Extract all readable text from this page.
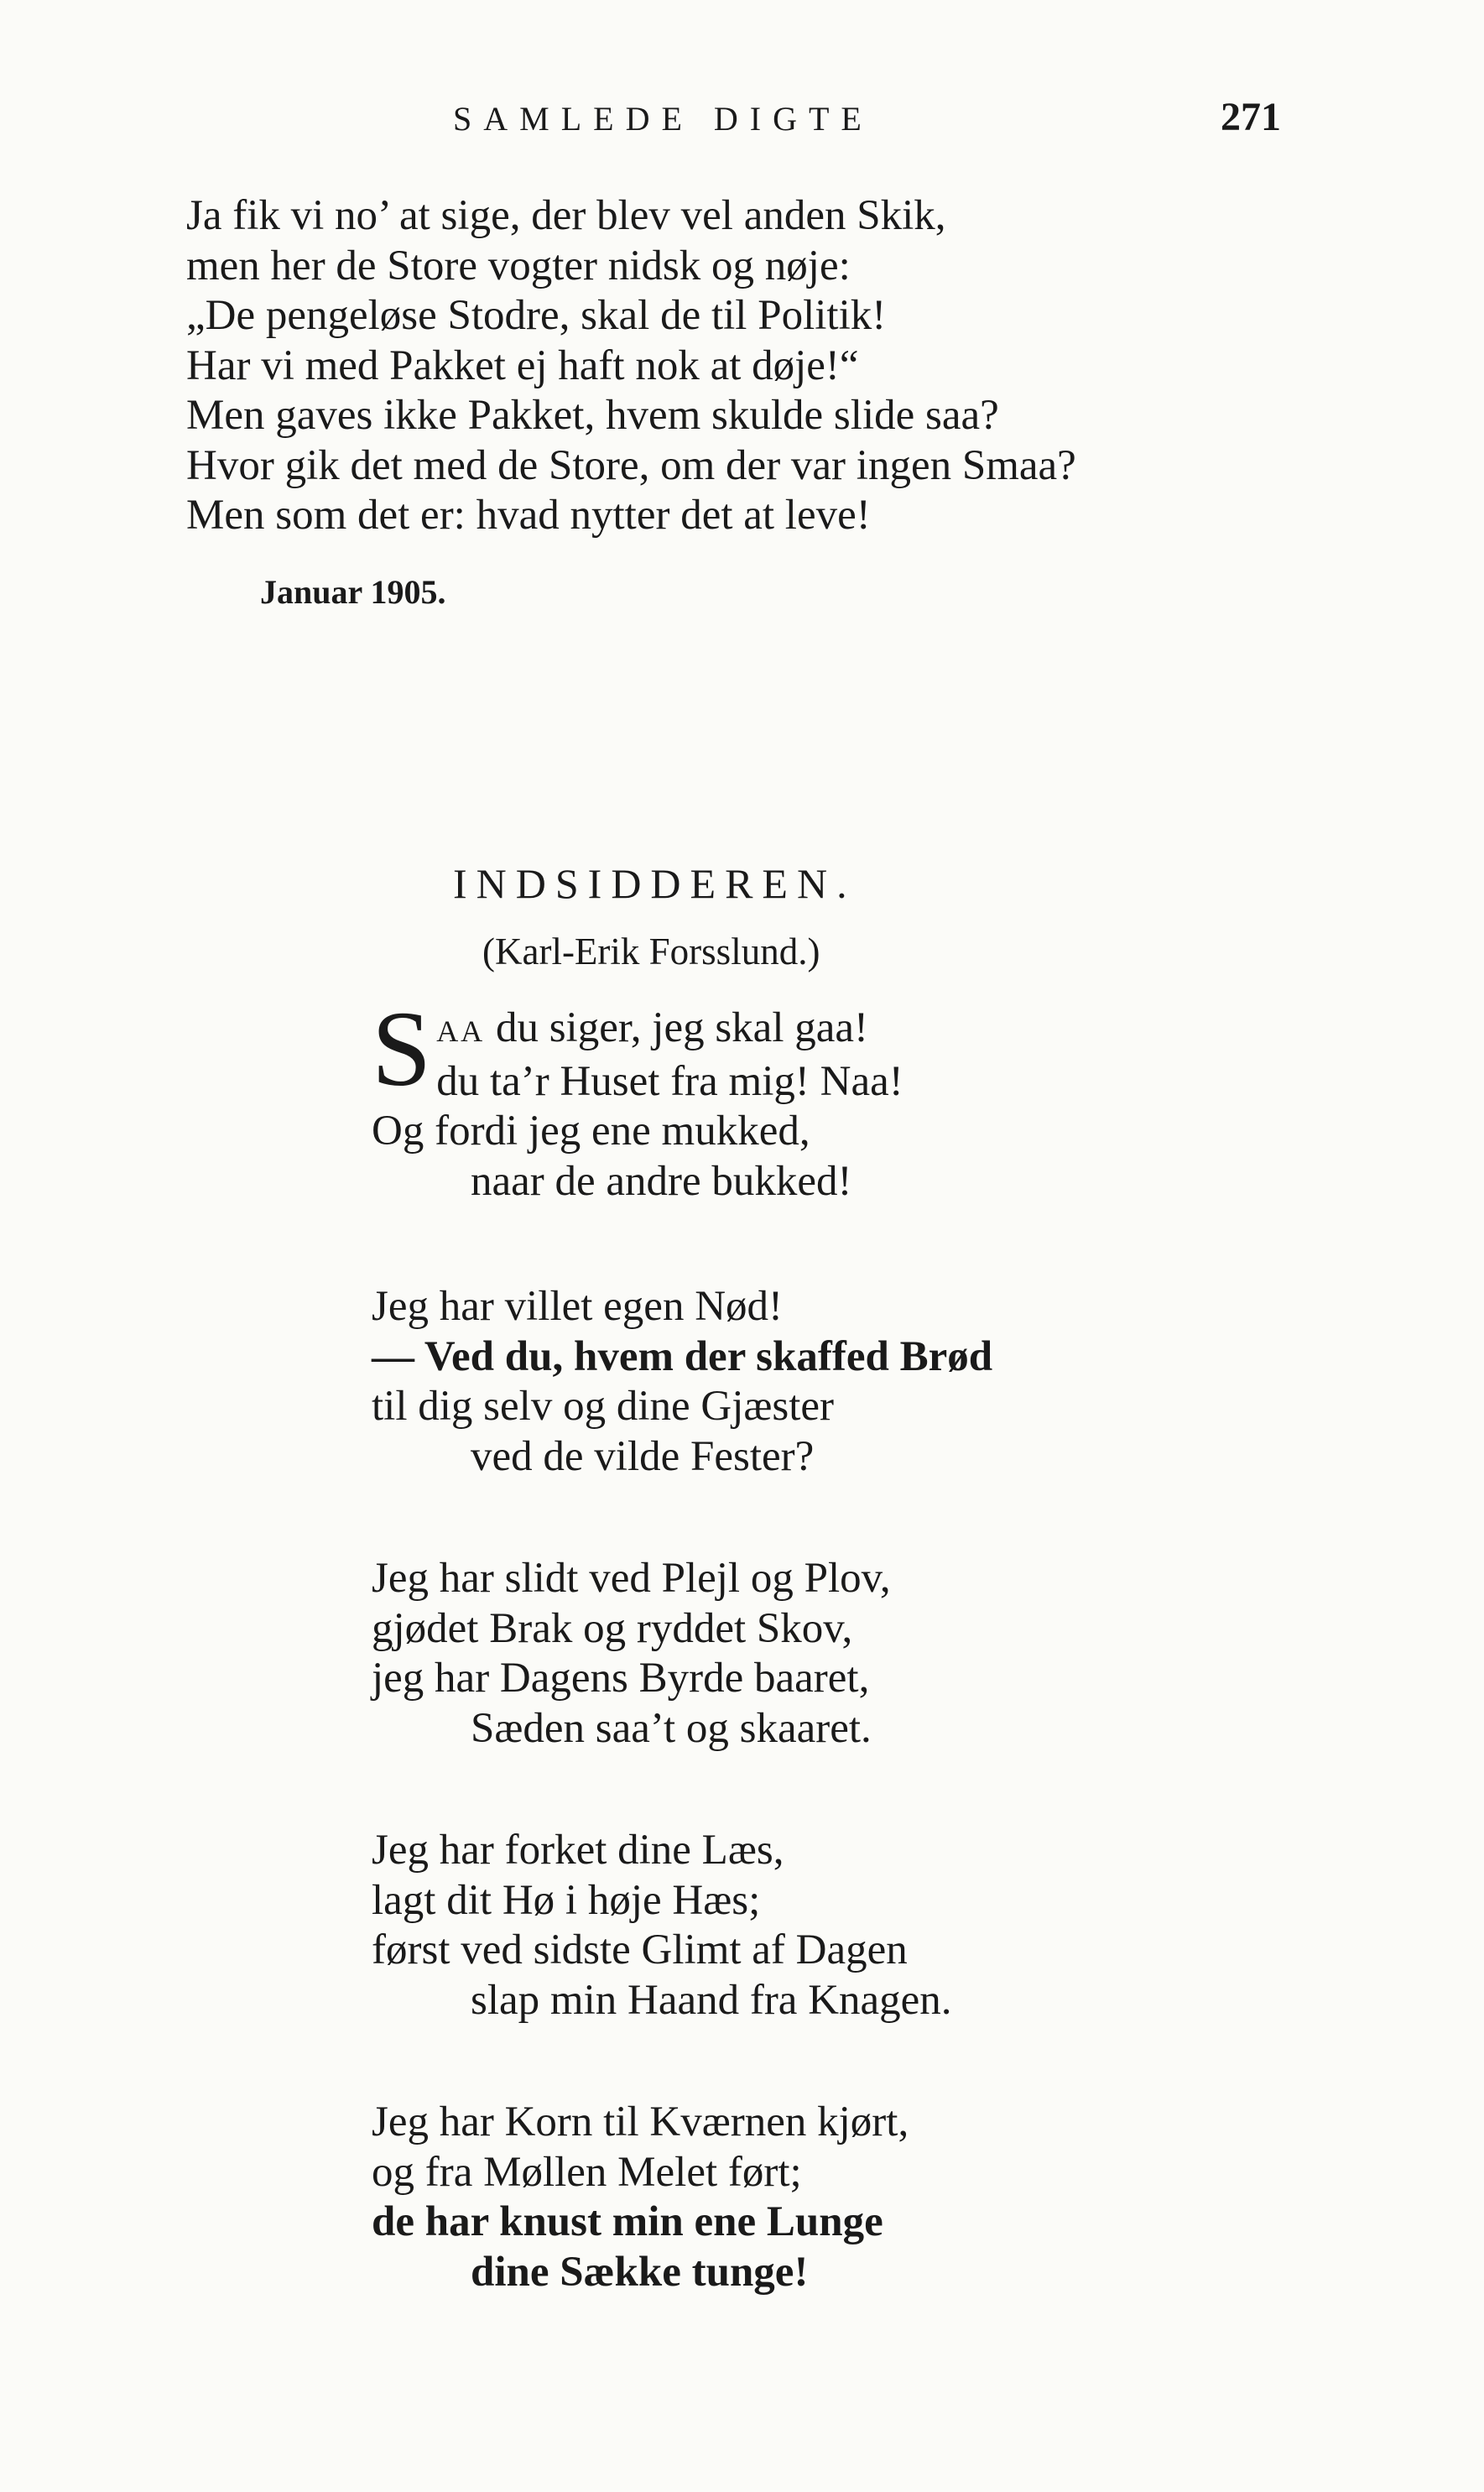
SAMLEDE DIGTE	271
Ja fik vi no’ at sige, der blev vel anden Skik,
men her de Store vogter nidsk og nøje:
„De pengeløse Stodre, skal de til Politik!
Har vi med Pakket ej haft nok at døje!“
Men gaves ikke Pakket, hvem skulde slide saa?
Hvor gik det med de Store, om der var ingen Smaa?
Men som det er: hvad nytter det at leve!
Januar 1905.
INDSIDDEREN.
(Karl-Erik Forsslund.)
S AA du siger, jeg skal gaa!
du ta’r Huset fra mig! Naa!
Og fordi jeg ene mukked,
naar de andre bukked!
Jeg har villet egen Nød!
— Ved du, hvem der skaffed Brød
til dig selv og dine Gjæster
ved de vilde Fester?
Jeg har slidt ved Plejl og Plov,
gjødet Brak og ryddet Skov,
jeg har Dagens Byrde baaret,
Sæden saa’t og skaaret.
Jeg har forket dine Læs,
lagt dit Hø i høje Hæs;
først ved sidste Glimt af Dagen
slap min Haand fra Knagen.
Jeg har Korn til Kværnen kjørt,
og fra Møllen Melet ført;
de har knust min ene Lunge
dine Sække tunge!
